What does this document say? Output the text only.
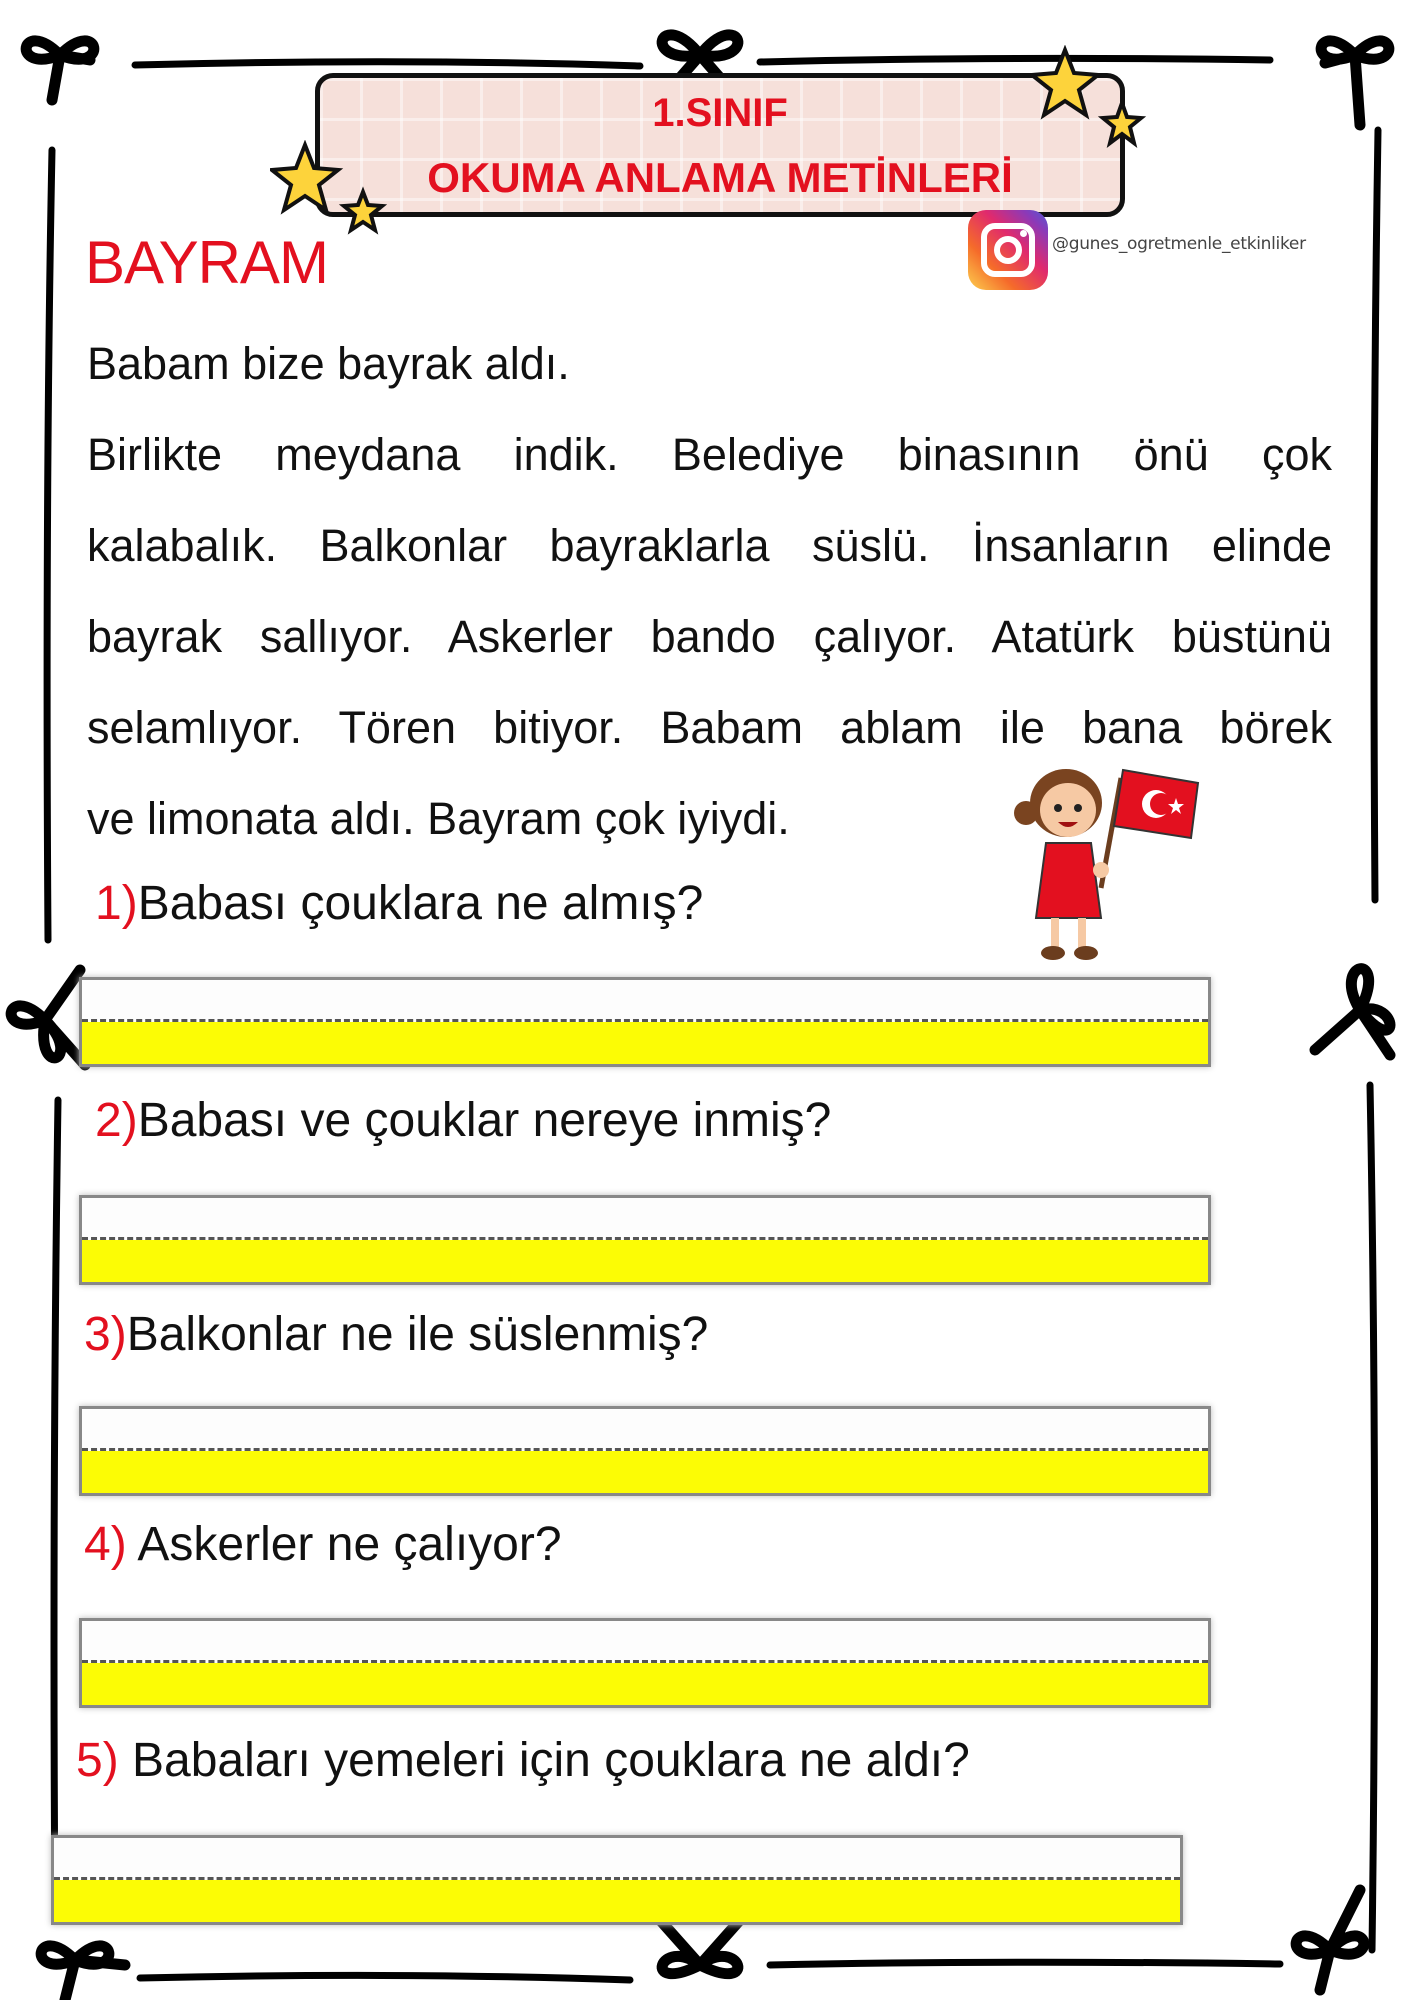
1.SINIF
OKUMA ANLAMA METİNLERİ
@gunes_ogretmenle_etkinliker
BAYRAM
Babam bize bayrak aldı.
Birlikte meydana indik. Belediye binasının önü çok
kalabalık. Balkonlar bayraklarla süslü. İnsanların elinde
bayrak sallıyor. Askerler bando çalıyor. Atatürk büstünü
selamlıyor. Tören bitiyor. Babam ablam ile bana börek
ve limonata aldı. Bayram çok iyiydi.
1)Babası çouklara ne almış?
2)Babası ve çouklar nereye inmiş?
3)Balkonlar ne ile süslenmiş?
4) Askerler ne çalıyor?
5) Babaları yemeleri için çouklara ne aldı?
